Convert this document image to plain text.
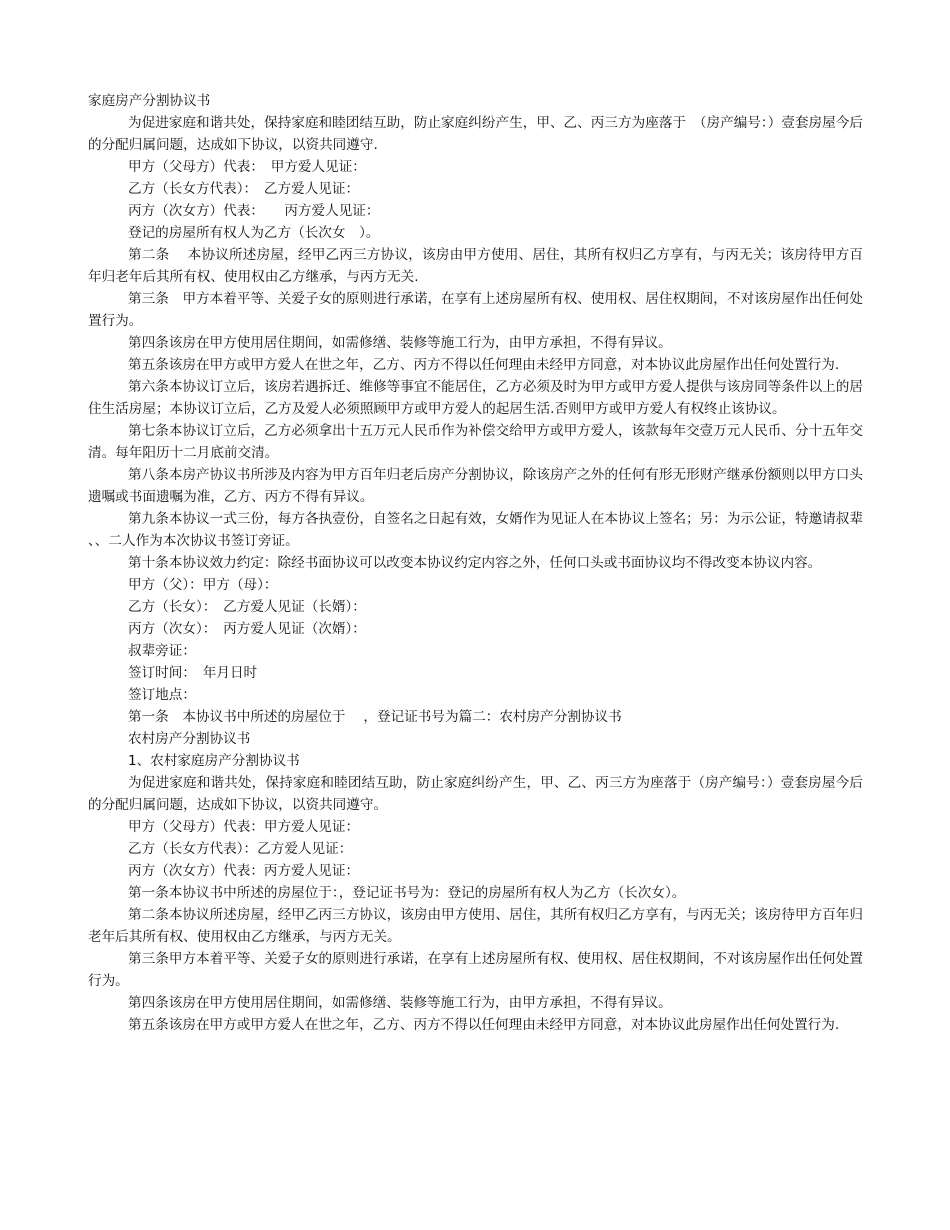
家庭房产分割协议书

为促进家庭和谐共处，保持家庭和睦团结互助，防止家庭纠纷产生，甲、乙、丙三方为座落于　（房产编号：）壹套房屋今后的分配归属问题，达成如下协议，以资共同遵守.

甲方（父母方）代表：　甲方爱人见证：

乙方（长女方代表）：　乙方爱人见证：

丙方（次女方）代表：　　丙方爱人见证：

登记的房屋所有权人为乙方（长次女　）。

第二条　 本协议所述房屋，经甲乙丙三方协议，该房由甲方使用、居住，其所有权归乙方享有，与丙无关；该房待甲方百年归老年后其所有权、使用权由乙方继承，与丙方无关.

第三条　甲方本着平等、关爱子女的原则进行承诺，在享有上述房屋所有权、使用权、居住权期间，不对该房屋作出任何处置行为。

第四条该房在甲方使用居住期间，如需修缮、装修等施工行为，由甲方承担，不得有异议。

第五条该房在甲方或甲方爱人在世之年，乙方、丙方不得以任何理由未经甲方同意，对本协议此房屋作出任何处置行为.

第六条本协议订立后，该房若遇拆迁、维修等事宜不能居住，乙方必须及时为甲方或甲方爱人提供与该房同等条件以上的居住生活房屋；本协议订立后，乙方及爱人必须照顾甲方或甲方爱人的起居生活.否则甲方或甲方爱人有权终止该协议。

第七条本协议订立后，乙方必须拿出十五万元人民币作为补偿交给甲方或甲方爱人，该款每年交壹万元人民币、分十五年交清。每年阳历十二月底前交清。

第八条本房产协议书所涉及内容为甲方百年归老后房产分割协议，除该房产之外的任何有形无形财产继承份额则以甲方口头遗嘱或书面遗嘱为准，乙方、丙方不得有异议。

第九条本协议一式三份，每方各执壹份，自签名之日起有效，女婿作为见证人在本协议上签名；另：为示公证，特邀请叔辈　 、、二人作为本次协议书签订旁证。

第十条本协议效力约定：除经书面协议可以改变本协议约定内容之外，任何口头或书面协议均不得改变本协议内容。

甲方（父）：甲方（母）：

乙方（长女）：　乙方爱人见证（长婿）：

丙方（次女）：　丙方爱人见证（次婿）：

叔辈旁证：

签订时间：　年月日时

签订地点：

第一条　本协议书中所述的房屋位于　 ，登记证书号为篇二：农村房产分割协议书

农村房产分割协议书

1、农村家庭房产分割协议书

为促进家庭和谐共处，保持家庭和睦团结互助，防止家庭纠纷产生，甲、乙、丙三方为座落于（房产编号：）壹套房屋今后的分配归属问题，达成如下协议，以资共同遵守。

甲方（父母方）代表：甲方爱人见证：

乙方（长女方代表）：乙方爱人见证：

丙方（次女方）代表：丙方爱人见证：

第一条本协议书中所述的房屋位于：，登记证书号为：登记的房屋所有权人为乙方（长次女）。

第二条本协议所述房屋，经甲乙丙三方协议，该房由甲方使用、居住，其所有权归乙方享有，与丙无关；该房待甲方百年归老年后其所有权、使用权由乙方继承，与丙方无关。

第三条甲方本着平等、关爱子女的原则进行承诺，在享有上述房屋所有权、使用权、居住权期间，不对该房屋作出任何处置行为。

第四条该房在甲方使用居住期间，如需修缮、装修等施工行为，由甲方承担，不得有异议。

第五条该房在甲方或甲方爱人在世之年，乙方、丙方不得以任何理由未经甲方同意，对本协议此房屋作出任何处置行为.
